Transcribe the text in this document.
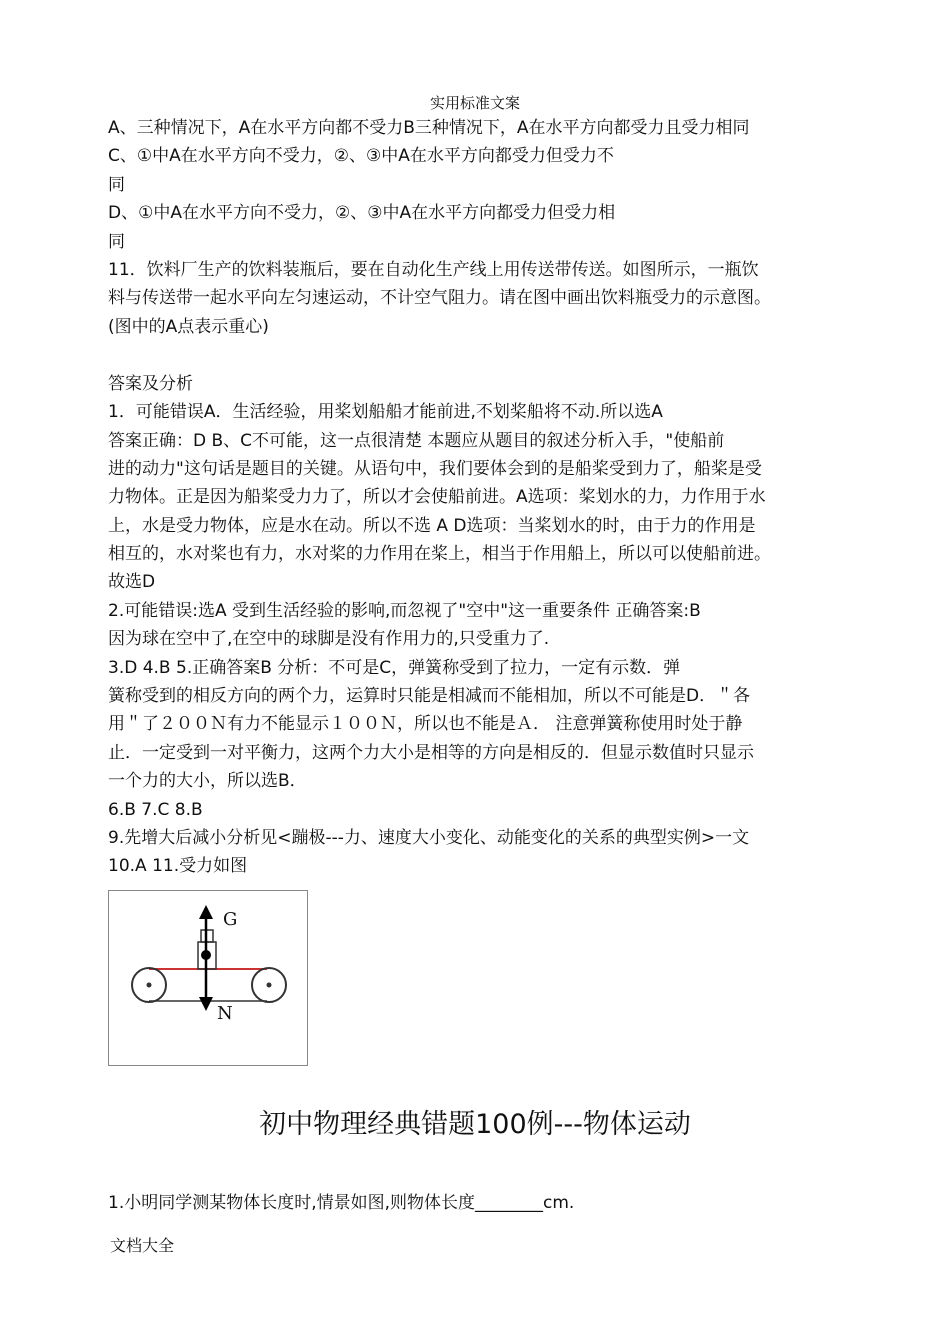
实用标准文案
A、三种情况下，A在水平方向都不受力B三种情况下，A在水平方向都受力且受力相同
C、①中A在水平方向不受力，②、③中A在水平方向都受力但受力不
同
D、①中A在水平方向不受力，②、③中A在水平方向都受力但受力相
同
11．饮料厂生产的饮料装瓶后，要在自动化生产线上用传送带传送。如图所示，一瓶饮
料与传送带一起水平向左匀速运动，不计空气阻力。请在图中画出饮料瓶受力的示意图。
(图中的A点表示重心)
答案及分析
1．可能错误A．生活经验，用桨划船船才能前进,不划桨船将不动.所以选A
答案正确：D B、C不可能，这一点很清楚 本题应从题目的叙述分析入手，"使船前
进的动力"这句话是题目的关键。从语句中，我们要体会到的是船桨受到力了，船桨是受
力物体。正是因为船桨受力力了，所以才会使船前进。A选项：桨划水的力，力作用于水
上，水是受力物体，应是水在动。所以不选 A D选项：当桨划水的时，由于力的作用是
相互的，水对桨也有力，水对桨的力作用在桨上，相当于作用船上，所以可以使船前进。
故选D
2.可能错误:选A 受到生活经验的影响,而忽视了"空中"这一重要条件 正确答案:B
因为球在空中了,在空中的球脚是没有作用力的,只受重力了.
3.D 4.B 5.正确答案B 分析：不可是C，弹簧称受到了拉力，一定有示数．弹
簧称受到的相反方向的两个力，运算时只能是相减而不能相加，所以不可能是D．＂各
用＂了２００Ｎ有力不能显示１００Ｎ，所以也不能是Ａ． 注意弹簧称使用时处于静
止．一定受到一对平衡力，这两个力大小是相等的方向是相反的．但显示数值时只显示
一个力的大小，所以选B．
6.B 7.C 8.B
9.先增大后减小分析见<蹦极---力、速度大小变化、动能变化的关系的典型实例>一文
10.A 11.受力如图
G
N
初中物理经典错题100例---物体运动
1.小明同学测某物体长度时,情景如图,则物体长度________cm.
文档大全
